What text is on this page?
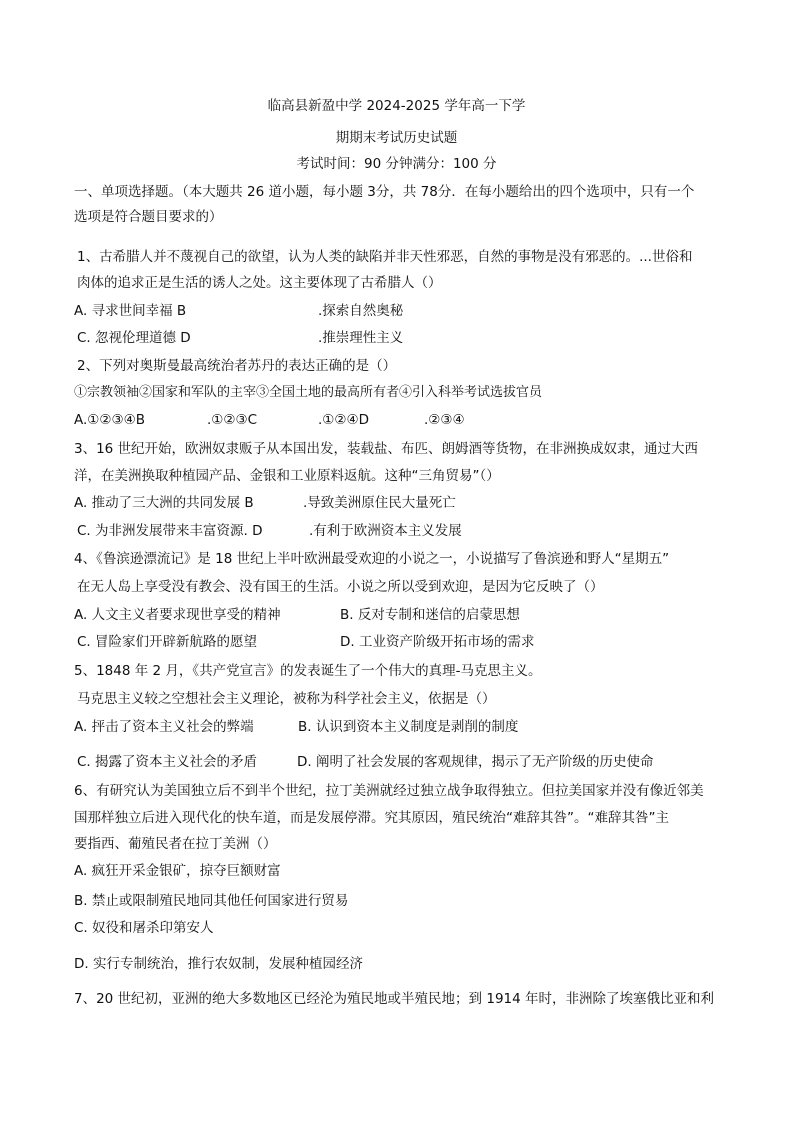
临高县新盈中学 2024-2025 学年高一下学
期期末考试历史试题
考试时间：90 分钟满分：100 分
一、单项选择题。（本大题共 26 道小题，每小题 3分，共 78分．在每小题给出的四个选项中，只有一个
选项是符合题目要求的）
1、古希腊人并不蔑视自己的欲望，认为人类的缺陷并非天性邪恶，自然的事物是没有邪恶的。...世俗和
肉体的追求正是生活的诱人之处。这主要体现了古希腊人（）
A. 寻求世间幸福 B	.探索自然奥秘
C. 忽视伦理道德 D	.推崇理性主义
2、下列对奥斯曼最高统治者苏丹的表达正确的是（）
①宗教领袖②国家和军队的主宰③全国土地的最高所有者④引入科举考试选拔官员
A.①②③④B	.①②③C	.①②④D	.②③④
3、16 世纪开始，欧洲奴隶贩子从本国出发，装载盐、布匹、朗姆酒等货物，在非洲换成奴隶，通过大西
洋，在美洲换取种植园产品、金银和工业原料返航。这种“三角贸易”（）
A. 推动了三大洲的共同发展 B	.导致美洲原住民大量死亡
C. 为非洲发展带来丰富资源. D	.有利于欧洲资本主义发展
4、《鲁滨逊漂流记》是 18 世纪上半叶欧洲最受欢迎的小说之一，小说描写了鲁滨逊和野人“星期五”
在无人岛上享受没有教会、没有国王的生活。小说之所以受到欢迎，是因为它反映了（）
A. 人文主义者要求现世享受的精神	B. 反对专制和迷信的启蒙思想
C. 冒险家们开辟新航路的愿望	D. 工业资产阶级开拓市场的需求
5、1848 年 2 月，《共产党宣言》的发表诞生了一个伟大的真理-马克思主义。
马克思主义较之空想社会主义理论，被称为科学社会主义，依据是（）
A. 抨击了资本主义社会的弊端	B. 认识到资本主义制度是剥削的制度
C. 揭露了资本主义社会的矛盾	D. 阐明了社会发展的客观规律，揭示了无产阶级的历史使命
6、有研究认为美国独立后不到半个世纪，拉丁美洲就经过独立战争取得独立。但拉美国家并没有像近邻美
国那样独立后进入现代化的快车道，而是发展停滞。究其原因，殖民统治“难辞其咎”。“难辞其咎”主
要指西、葡殖民者在拉丁美洲（）
A. 疯狂开采金银矿，掠夺巨额财富
B. 禁止或限制殖民地同其他任何国家进行贸易
C. 奴役和屠杀印第安人
D. 实行专制统治，推行农奴制，发展种植园经济
7、20 世纪初，亚洲的绝大多数地区已经沦为殖民地或半殖民地；到 1914 年时，非洲除了埃塞俄比亚和利
